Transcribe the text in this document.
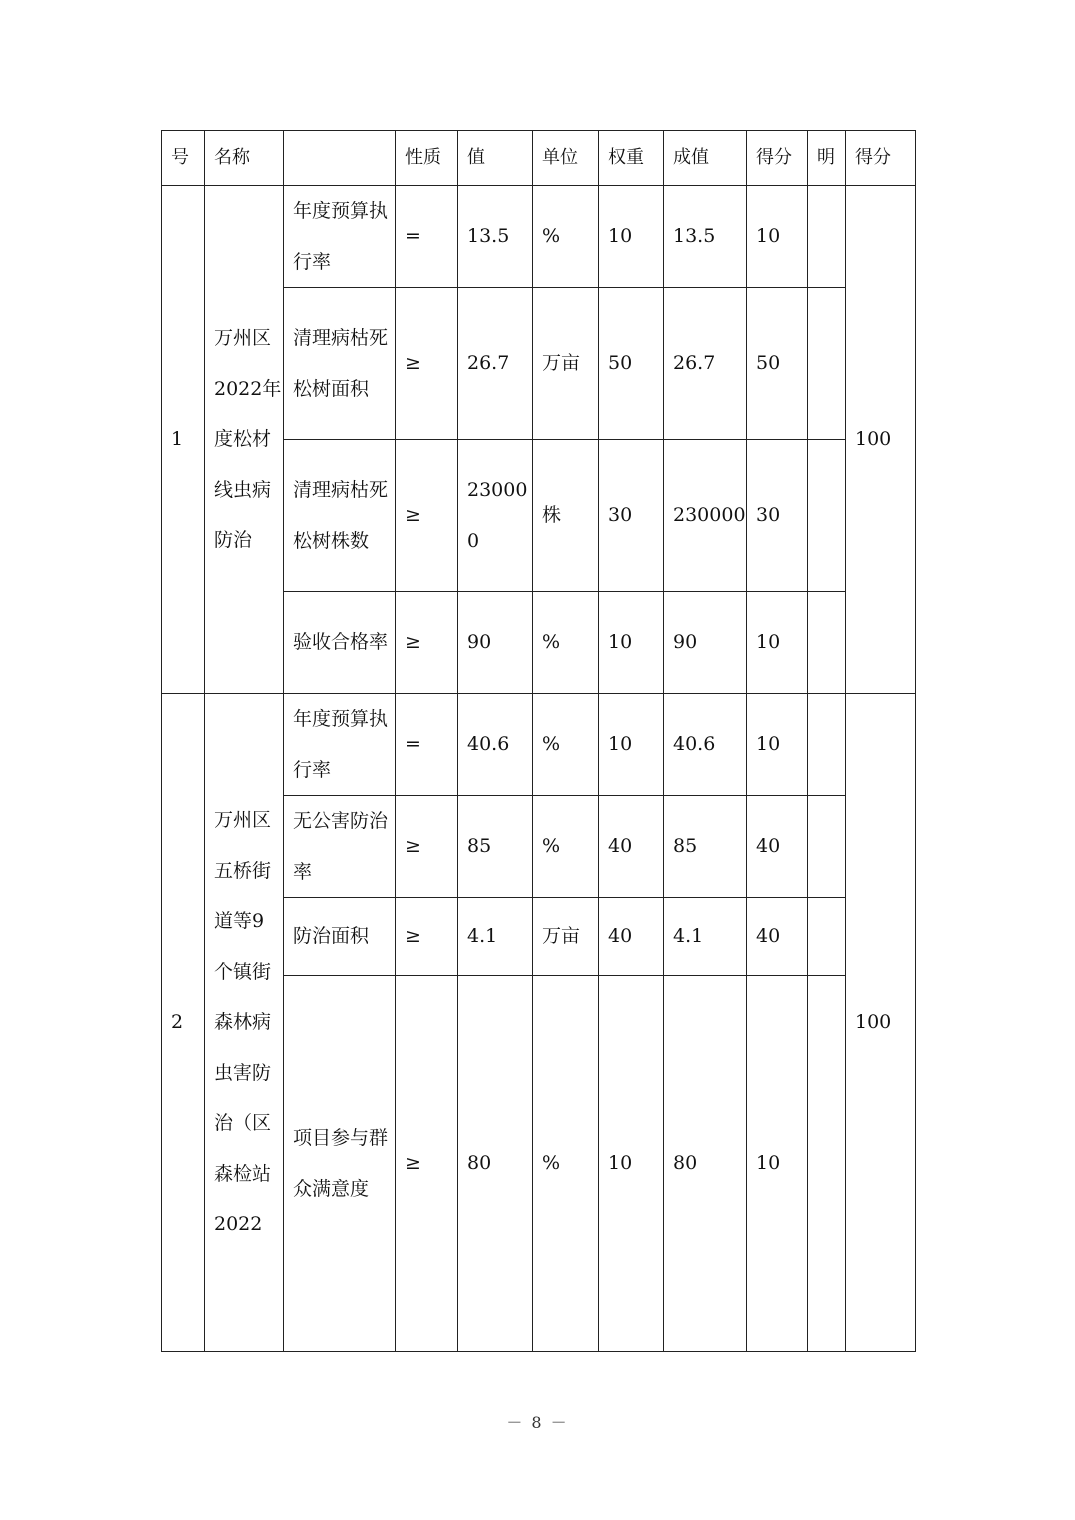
号	名称		性质	值	单位	权重	成值	得分	明	得分
1	万州区2022年度松材线虫病防治	年度预算执行率	=	13.5	%	10	13.5	10		100
		清理病枯死松树面积	≥	26.7	万亩	50	26.7	50		
		清理病枯死松树株数	≥	230000	株	30	230000	30		
		验收合格率	≥	90	%	10	90	10		
2	万州区五桥街道等9个镇街森林病虫害防治（区森检站2022	年度预算执行率	=	40.6	%	10	40.6	10		100
		无公害防治率	≥	85	%	40	85	40		
		防治面积	≥	4.1	万亩	40	4.1	40		
		项目参与群众满意度	≥	80	%	10	80	10		
－ 8 －
